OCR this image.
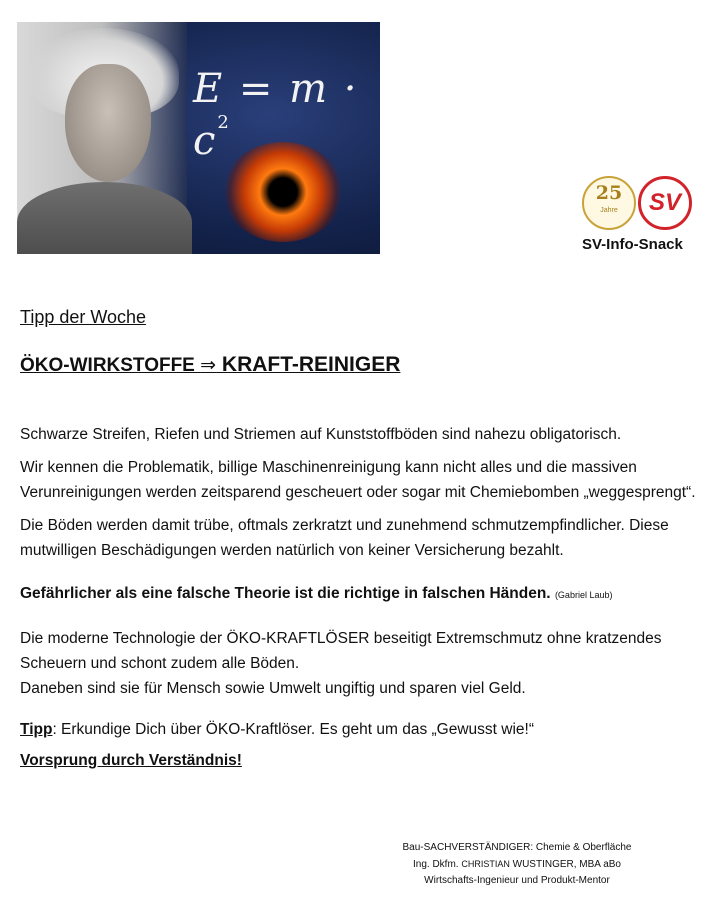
$E = m \cdot c^2$
25
Jahre	SV
SV-Info-Snack

Tipp der Woche

ÖKO-WIRKSTOFFE ⇒ KRAFT-REINIGER

Schwarze Streifen, Riefen und Striemen auf Kunststoffböden sind nahezu obligatorisch.

Wir kennen die Problematik, billige Maschinenreinigung kann nicht alles und die massiven Verunreinigungen werden zeitsparend gescheuert oder sogar mit Chemiebomben „weggesprengt“.

Die Böden werden damit trübe, oftmals zerkratzt und zunehmend schmutzempfindlicher. Diese mutwilligen Beschädigungen werden natürlich von keiner Versicherung bezahlt.

Gefährlicher als eine falsche Theorie ist die richtige in falschen Händen. (Gabriel Laub)

Die moderne Technologie der ÖKO-KRAFTLÖSER beseitigt Extremschmutz ohne kratzendes Scheuern und schont zudem alle Böden.
Daneben sind sie für Mensch sowie Umwelt ungiftig und sparen viel Geld.

Tipp: Erkundige Dich über ÖKO-Kraftlöser. Es geht um das „Gewusst wie!“

Vorsprung durch Verständnis!

Bau-SACHVERSTÄNDIGER: Chemie & Oberfläche
Ing. Dkfm. CHRISTIAN WUSTINGER, MBA aBo
Wirtschafts-Ingenieur und Produkt-Mentor
